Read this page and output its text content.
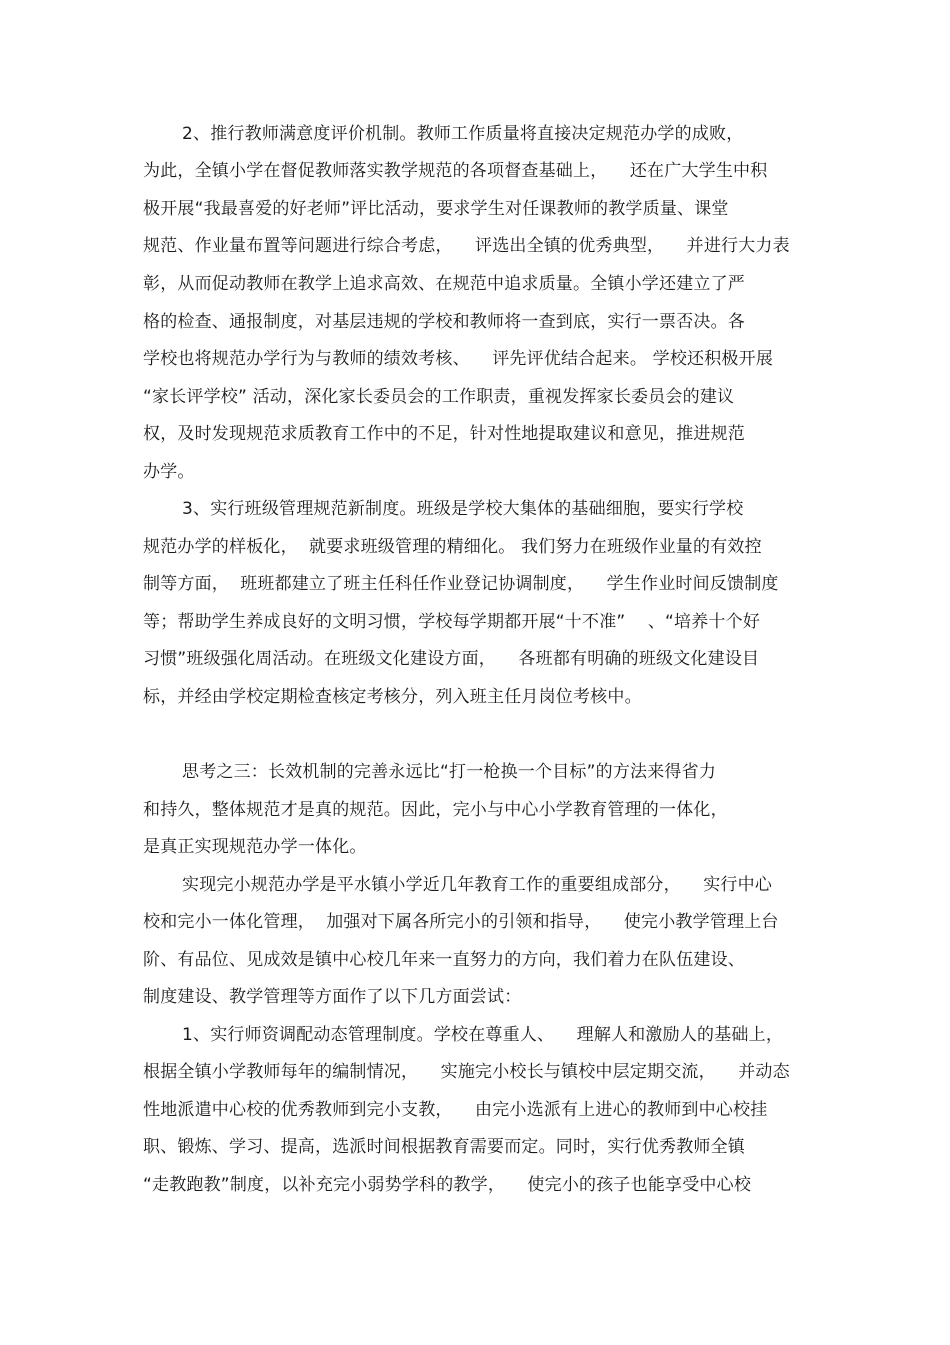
2、推行教师满意度评价机制。教师工作质量将直接决定规范办学的成败，
为此，全镇小学在督促教师落实教学规范的各项督查基础上，    还在广大学生中积
极开展“我最喜爱的好老师”评比活动，要求学生对任课教师的教学质量、课堂
规范、作业量布置等问题进行综合考虑，    评选出全镇的优秀典型，    并进行大力表
彰，从而促动教师在教学上追求高效、在规范中追求质量。全镇小学还建立了严
格的检查、通报制度，对基层违规的学校和教师将一查到底，实行一票否决。各
学校也将规范办学行为与教师的绩效考核、    评先评优结合起来。 学校还积极开展
“家长评学校” 活动，深化家长委员会的工作职责，重视发挥家长委员会的建议
权，及时发现规范求质教育工作中的不足，针对性地提取建议和意见，推进规范
办学。
3、实行班级管理规范新制度。班级是学校大集体的基础细胞，要实行学校
规范办学的样板化，  就要求班级管理的精细化。 我们努力在班级作业量的有效控
制等方面，  班班都建立了班主任科任作业登记协调制度，    学生作业时间反馈制度
等；帮助学生养成良好的文明习惯，学校每学期都开展“十不准”    、“培养十个好
习惯”班级强化周活动。在班级文化建设方面，    各班都有明确的班级文化建设目
标，并经由学校定期检查核定考核分，列入班主任月岗位考核中。
思考之三：长效机制的完善永远比“打一枪换一个目标”的方法来得省力
和持久，整体规范才是真的规范。因此，完小与中心小学教育管理的一体化，
是真正实现规范办学一体化。
实现完小规范办学是平水镇小学近几年教育工作的重要组成部分，    实行中心
校和完小一体化管理，  加强对下属各所完小的引领和指导，    使完小教学管理上台
阶、有品位、见成效是镇中心校几年来一直努力的方向，我们着力在队伍建设、
制度建设、教学管理等方面作了以下几方面尝试：
1、实行师资调配动态管理制度。学校在尊重人、    理解人和激励人的基础上，
根据全镇小学教师每年的编制情况，    实施完小校长与镇校中层定期交流，    并动态
性地派遣中心校的优秀教师到完小支教，    由完小选派有上进心的教师到中心校挂
职、锻炼、学习、提高，选派时间根据教育需要而定。同时，实行优秀教师全镇
“走教跑教”制度，以补充完小弱势学科的教学，    使完小的孩子也能享受中心校
